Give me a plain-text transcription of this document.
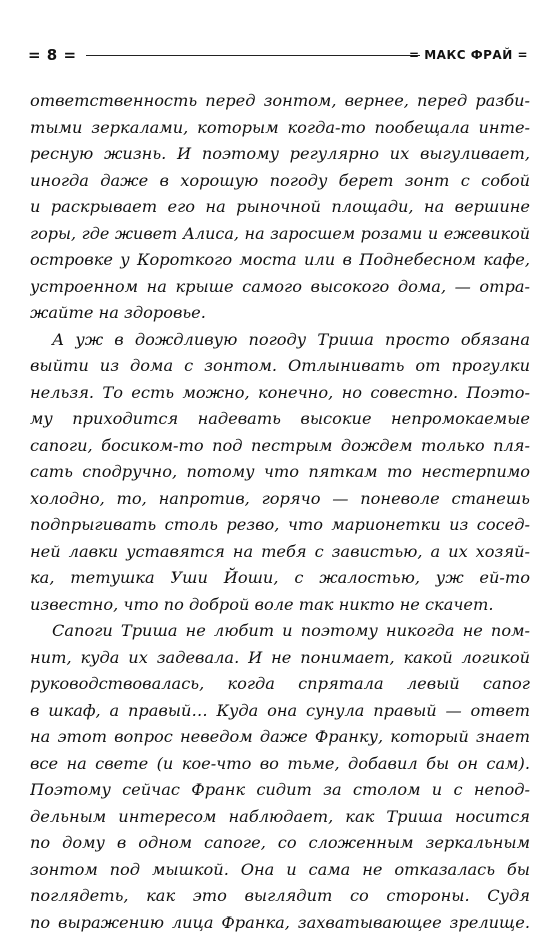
= 8 =	= МАКС ФРАЙ =
ответственность перед зонтом, вернее, перед разби-
тыми зеркалами, которым когда-то пообещала инте-
ресную жизнь. И поэтому регулярно их выгуливает,
иногда даже в хорошую погоду берет зонт с собой
и раскрывает его на рыночной площади, на вершине
горы, где живет Алиса, на заросшем розами и ежевикой
островке у Короткого моста или в Поднебесном кафе,
устроенном на крыше самого высокого дома, — отра-
жайте на здоровье.
А уж в дождливую погоду Триша просто обязана
выйти из дома с зонтом. Отлынивать от прогулки
нельзя. То есть можно, конечно, но совестно. Поэто-
му приходится надевать высокие непромокаемые
сапоги, босиком-то под пестрым дождем только пля-
сать сподручно, потому что пяткам то нестерпимо
холодно, то, напротив, горячо — поневоле станешь
подпрыгивать столь резво, что марионетки из сосед-
ней лавки уставятся на тебя с завистью, а их хозяй-
ка, тетушка Уши Йоши, с жалостью, уж ей-то
известно, что по доброй воле так никто не скачет.
Сапоги Триша не любит и поэтому никогда не пом-
нит, куда их задевала. И не понимает, какой логикой
руководствовалась, когда спрятала левый сапог
в шкаф, а правый… Куда она сунула правый — ответ
на этот вопрос неведом даже Франку, который знает
все на свете (и кое-что во тьме, добавил бы он сам).
Поэтому сейчас Франк сидит за столом и с непод-
дельным интересом наблюдает, как Триша носится
по дому в одном сапоге, со сложенным зеркальным
зонтом под мышкой. Она и сама не отказалась бы
поглядеть, как это выглядит со стороны. Судя
по выражению лица Франка, захватывающее зрелище.
